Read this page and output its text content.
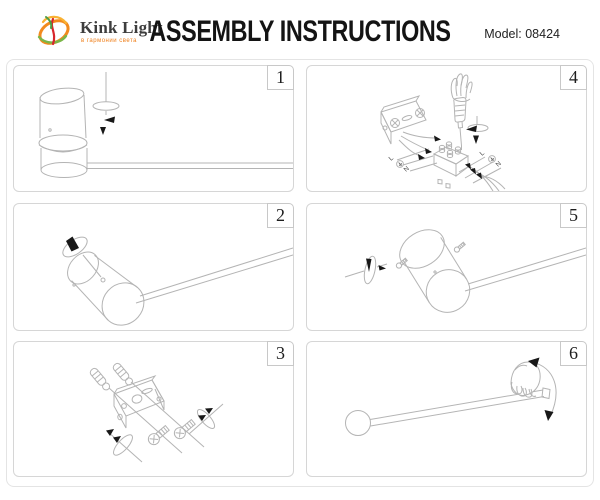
Kink Light
в гармонии света ASSEMBLY INSTRUCTIONS	Model: 08424
1
2
3
L
N
L
N
4
5
6
